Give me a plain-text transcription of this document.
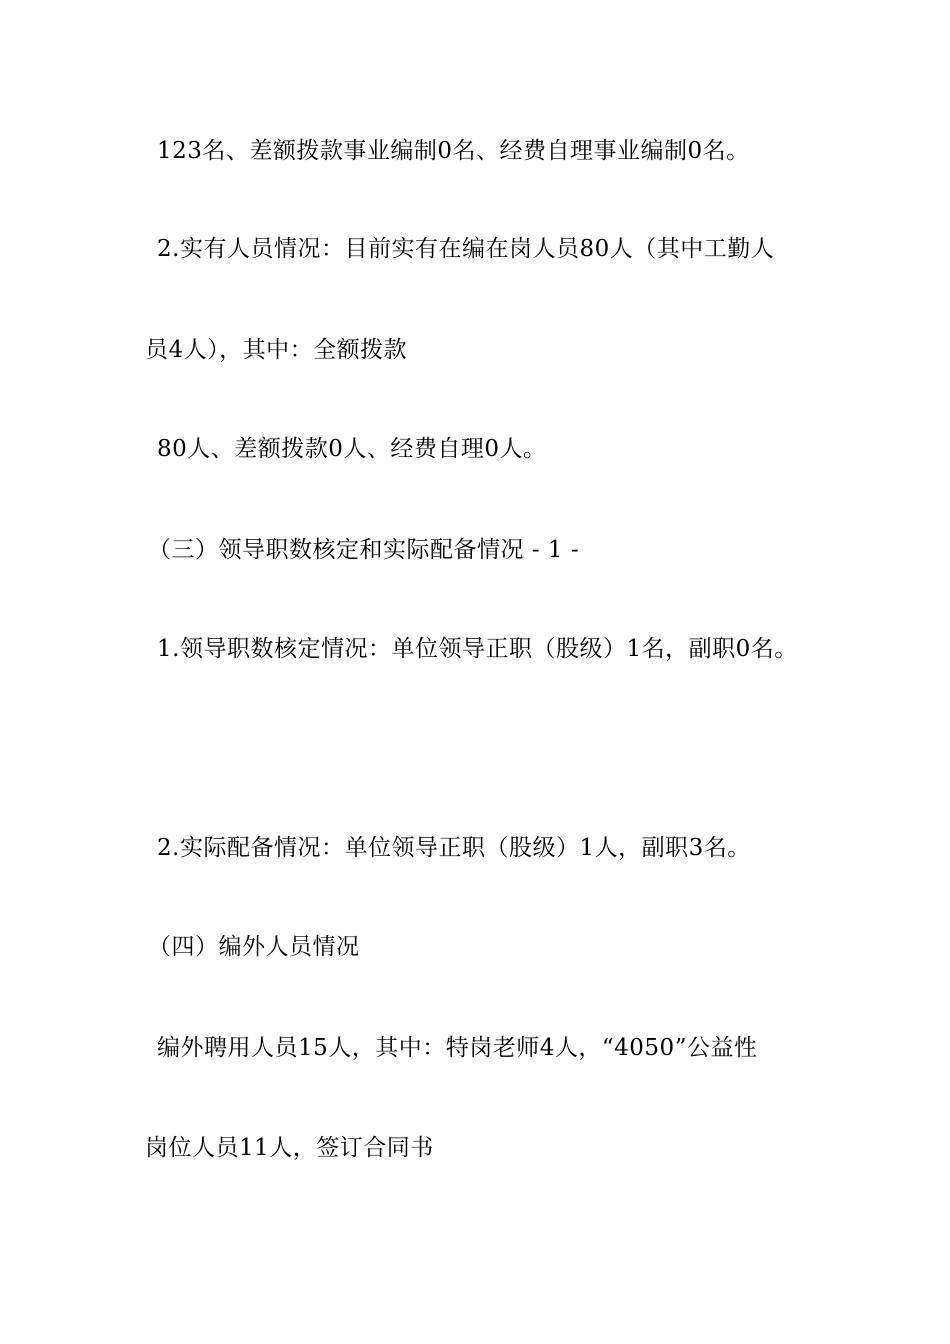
123名、差额拨款事业编制0名、经费自理事业编制0名。
2.实有人员情况：目前实有在编在岗人员80人（其中工勤人
员4人），其中：全额拨款
80人、差额拨款0人、经费自理0人。
（三）领导职数核定和实际配备情况 - 1 -
1.领导职数核定情况：单位领导正职（股级）1名，副职0名。
2.实际配备情况：单位领导正职（股级）1人，副职3名。
（四）编外人员情况
编外聘用人员15人，其中：特岗老师4人，“4050”公益性
岗位人员11人，签订合同书
